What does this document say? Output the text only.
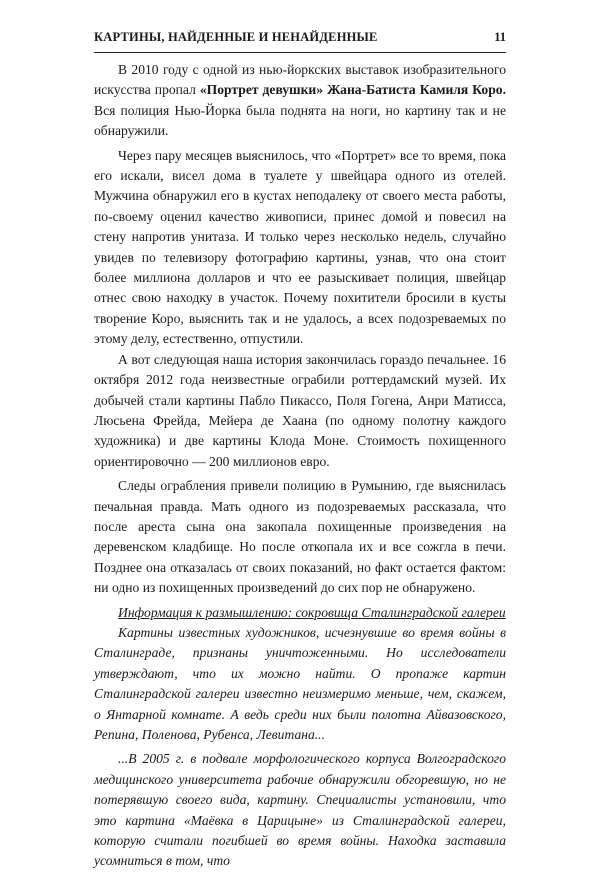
КАРТИНЫ, НАЙДЕННЫЕ И НЕНАЙДЕННЫЕ	11

В 2010 году с одной из нью-йоркских выставок изобразительного искусства пропал «Портрет девушки» Жана-Батиста Камиля Коро. Вся полиция Нью-Йорка была поднята на ноги, но картину так и не обнаружили.

Через пару месяцев выяснилось, что «Портрет» все то время, пока его искали, висел дома в туалете у швейцара одного из отелей. Мужчина обнаружил его в кустах неподалеку от своего места работы, по-своему оценил качество живописи, принес домой и повесил на стену напротив унитаза. И только через несколько недель, случайно увидев по телевизору фотографию картины, узнав, что она стоит более миллиона долларов и что ее разыскивает полиция, швейцар отнес свою находку в участок. Почему похитители бросили в кусты творение Коро, выяснить так и не удалось, а всех подозреваемых по этому делу, естественно, отпустили.

А вот следующая наша история закончилась гораздо печальнее. 16 октября 2012 года неизвестные ограбили роттердамский музей. Их добычей стали картины Пабло Пикассо, Поля Гогена, Анри Матисса, Люсьена Фрейда, Мейера де Хаана (по одному полотну каждого художника) и две картины Клода Моне. Стоимость похищенного ориентировочно — 200 миллионов евро.

Следы ограбления привели полицию в Румынию, где выяснилась печальная правда. Мать одного из подозреваемых рассказала, что после ареста сына она закопала похищенные произведения на деревенском кладбище. Но после откопала их и все сожгла в печи. Позднее она отказалась от своих показаний, но факт остается фактом: ни одно из похищенных произведений до сих пор не обнаружено.

Информация к размышлению: сокровища Сталинградской галереи

Картины известных художников, исчезнувшие во время войны в Сталинграде, признаны уничтоженными. Но исследователи утверждают, что их можно найти. О пропаже картин Сталинградской галереи известно неизмеримо меньше, чем, скажем, о Янтарной комнате. А ведь среди них были полотна Айвазовского, Репина, Поленова, Рубенса, Левитана...

...В 2005 г. в подвале морфологического корпуса Волгоградского медицинского университета рабочие обнаружили обгоревшую, но не потерявшую своего вида, картину. Специалисты установили, что это картина «Маёвка в Царицыне» из Сталинградской галереи, которую считали погибшей во время войны. Находка заставила усомниться в том, что
